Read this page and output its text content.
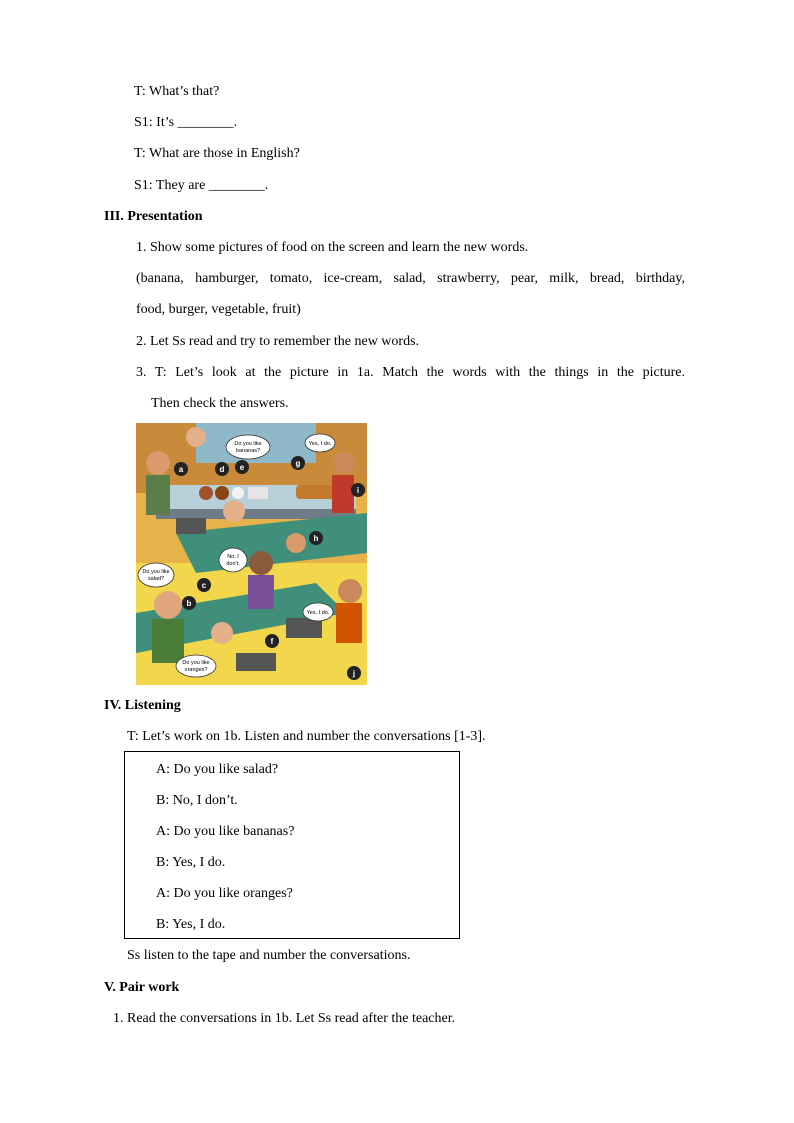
T: What’s that?
S1: It’s ________.
T: What are those in English?
S1: They are ________.
III. Presentation
1. Show some pictures of food on the screen and learn the new words.
(banana, hamburger, tomato, ice-cream, salad, strawberry, pear, milk, bread, birthday,
food, burger, vegetable, fruit)
2. Let Ss read and try to remember the new words.
3. T: Let’s look at the picture in 1a. Match the words with the things in the picture.
Then check the answers.
Do you like
bananas?
Yes, I do.
No, I
don't.
Do you like
salad?
Yes, I do.
Do you like
oranges?
a
b
c
d e
f
g
h
i
j
IV. Listening
T: Let’s work on 1b. Listen and number the conversations [1-3].
A: Do you like salad?
B: No, I don’t.
A: Do you like bananas?
B: Yes, I do.
A: Do you like oranges?
B: Yes, I do.
Ss listen to the tape and number the conversations.
V. Pair work
1. Read the conversations in 1b. Let Ss read after the teacher.
